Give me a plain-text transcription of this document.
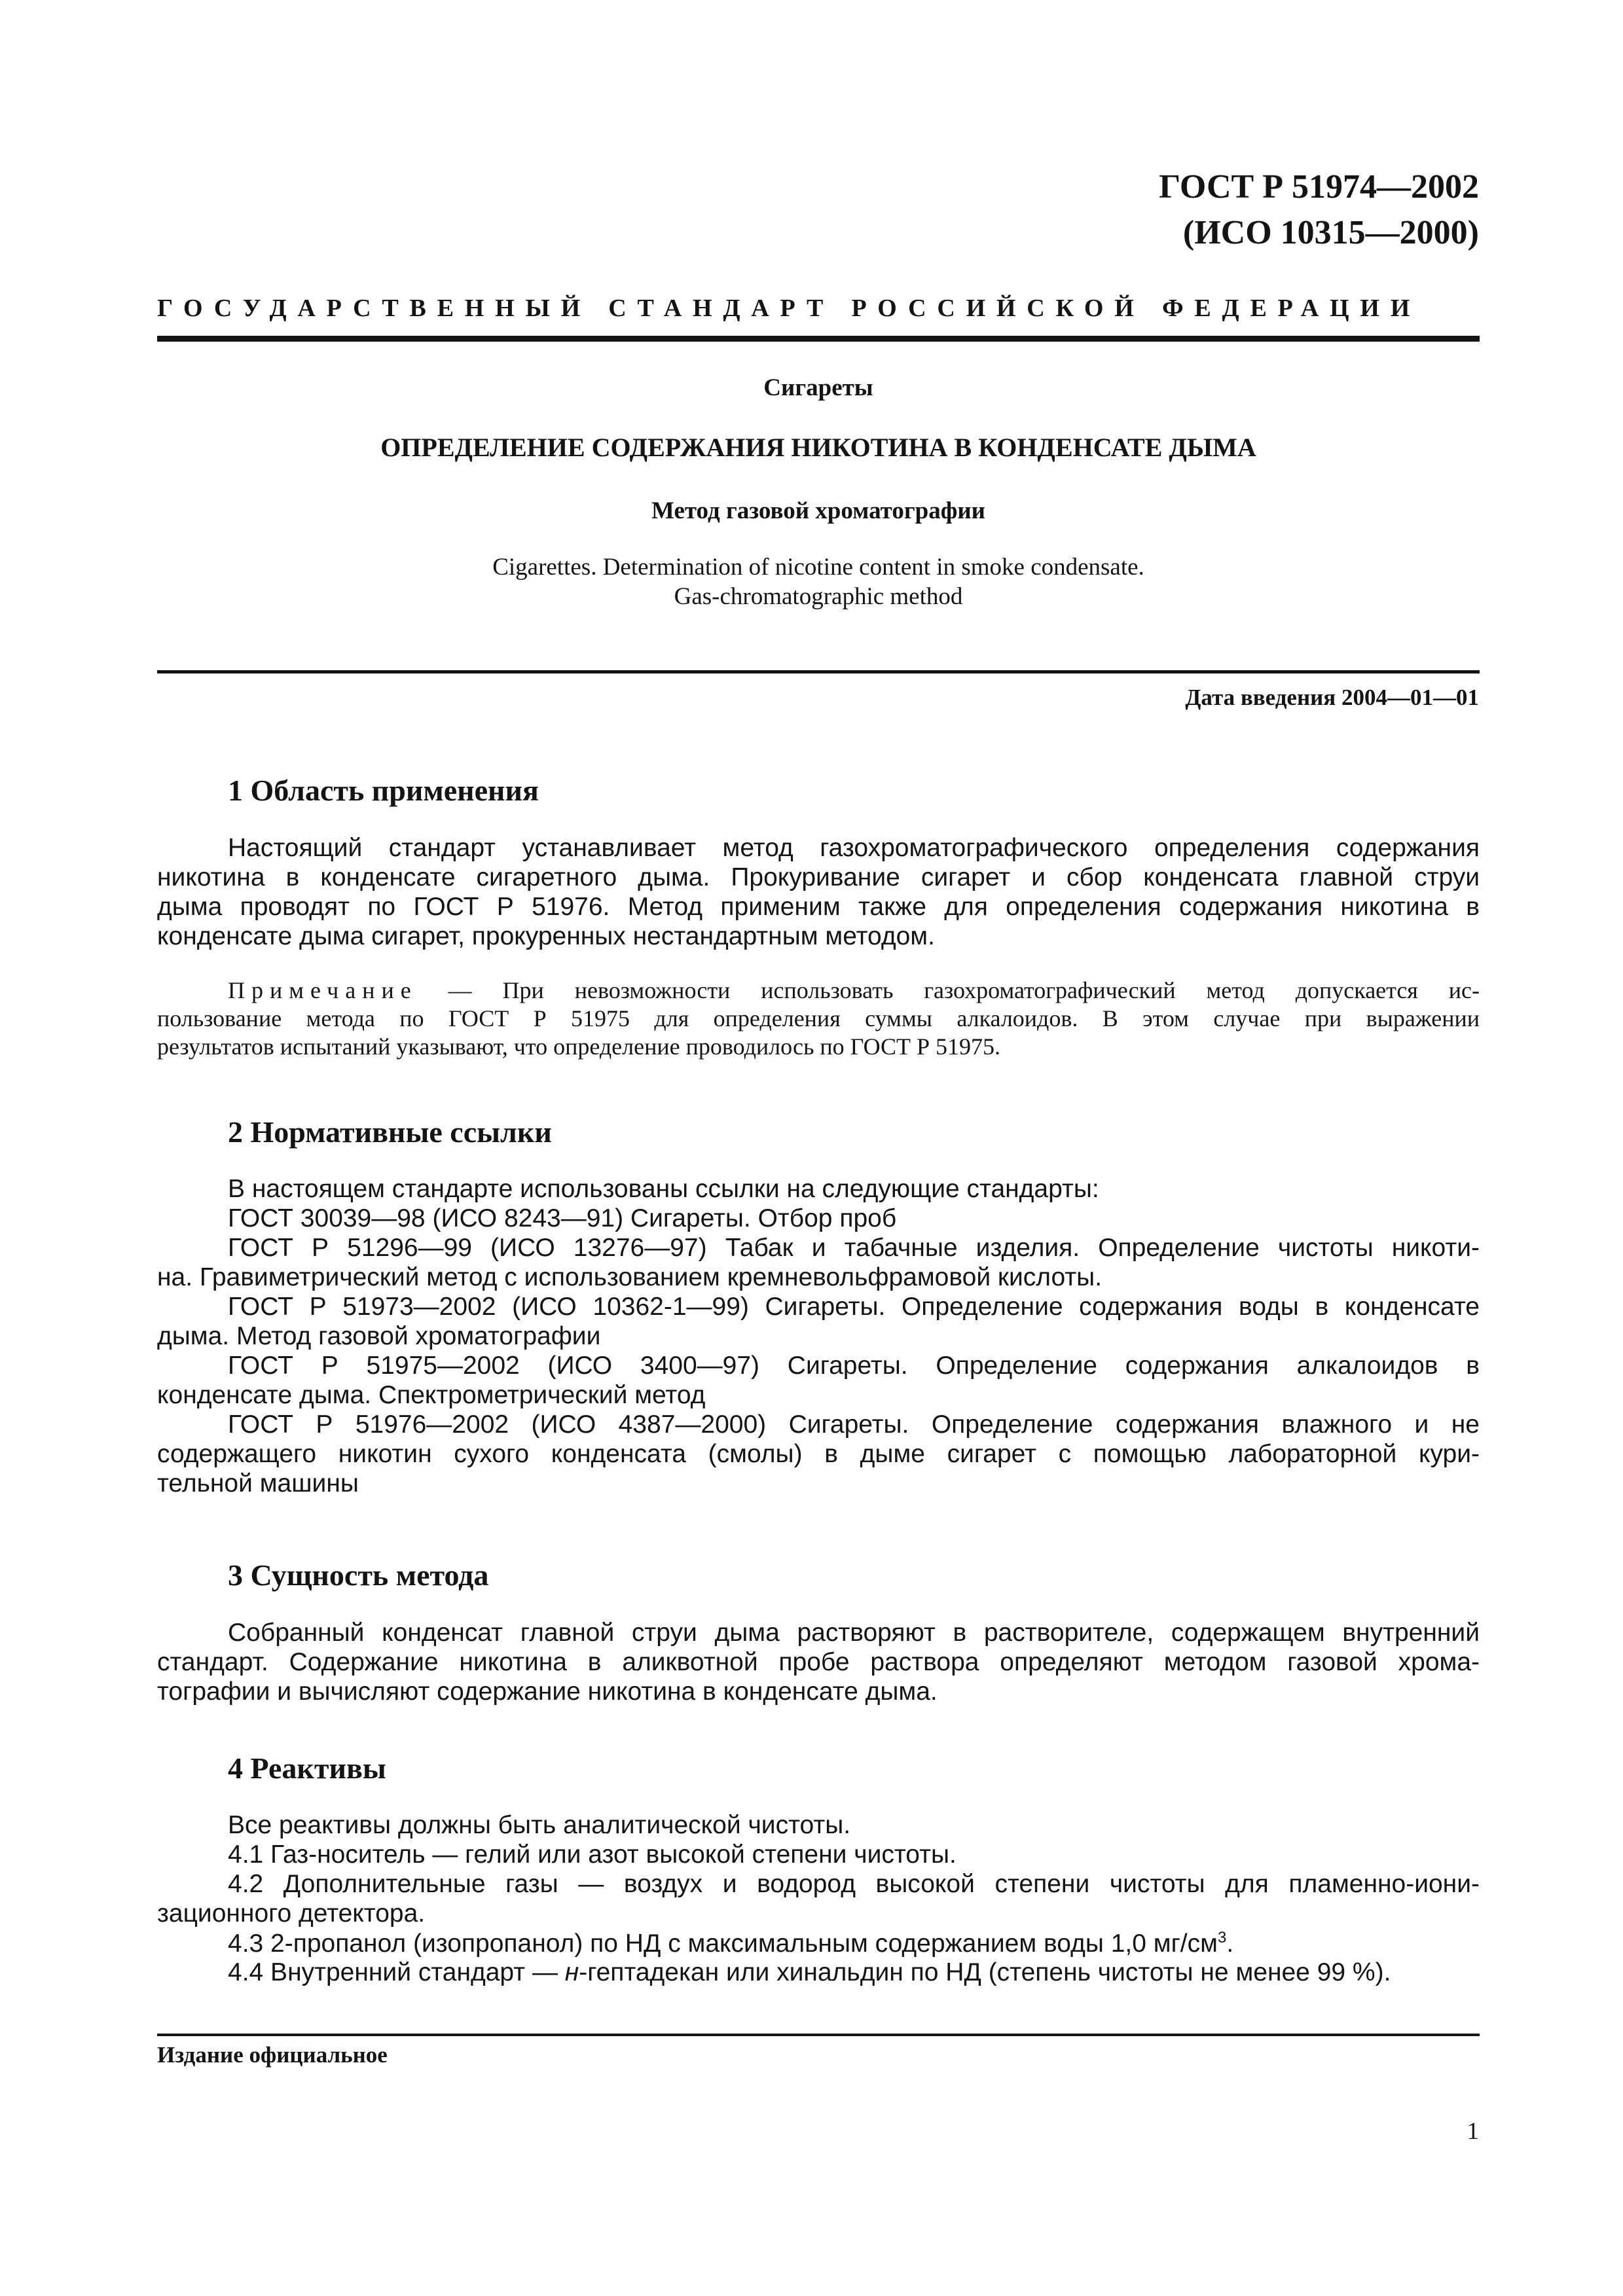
ГОСТ Р 51974—2002
(ИСО 10315—2000)
ГОСУДАРСТВЕННЫЙ СТАНДАРТ РОССИЙСКОЙ ФЕДЕРАЦИИ
Сигареты
ОПРЕДЕЛЕНИЕ СОДЕРЖАНИЯ НИКОТИНА В КОНДЕНСАТЕ ДЫМА
Метод газовой хроматографии
Cigarettes. Determination of nicotine content in smoke condensate.
Gas-chromatographic method
Дата введения 2004—01—01
1 Область применения
Настоящий стандарт устанавливает метод газохроматографического определения содержания
никотина в конденсате сигаретного дыма. Прокуривание сигарет и сбор конденсата главной струи
дыма проводят по ГОСТ Р 51976. Метод применим также для определения содержания никотина в
конденсате дыма сигарет, прокуренных нестандартным методом.
Примечание — При невозможности использовать газохроматографический метод допускается ис-
пользование метода по ГОСТ Р 51975 для определения суммы алкалоидов. В этом случае при выражении
результатов испытаний указывают, что определение проводилось по ГОСТ Р 51975.
2 Нормативные ссылки
В настоящем стандарте использованы ссылки на следующие стандарты:
ГОСТ 30039—98 (ИСО 8243—91) Сигареты. Отбор проб
ГОСТ Р 51296—99 (ИСО 13276—97) Табак и табачные изделия. Определение чистоты никоти-
на. Гравиметрический метод с использованием кремневольфрамовой кислоты.
ГОСТ Р 51973—2002 (ИСО 10362-1—99) Сигареты. Определение содержания воды в конденсате
дыма. Метод газовой хроматографии
ГОСТ Р 51975—2002 (ИСО 3400—97) Сигареты. Определение содержания алкалоидов в
конденсате дыма. Спектрометрический метод
ГОСТ Р 51976—2002 (ИСО 4387—2000) Сигареты. Определение содержания влажного и не
содержащего никотин сухого конденсата (смолы) в дыме сигарет с помощью лабораторной кури-
тельной машины
3 Сущность метода
Собранный конденсат главной струи дыма растворяют в растворителе, содержащем внутренний
стандарт. Содержание никотина в аликвотной пробе раствора определяют методом газовой хрома-
тографии и вычисляют содержание никотина в конденсате дыма.
4 Реактивы
Все реактивы должны быть аналитической чистоты.
4.1 Газ-носитель — гелий или азот высокой степени чистоты.
4.2 Дополнительные газы — воздух и водород высокой степени чистоты для пламенно-иони-
зационного детектора.
4.3 2-пропанол (изопропанол) по НД с максимальным содержанием воды 1,0 $мг/см^3$.
4.4 Внутренний стандарт — н-гептадекан или хинальдин по НД (степень чистоты не менее 99 %).
Издание официальное
1
